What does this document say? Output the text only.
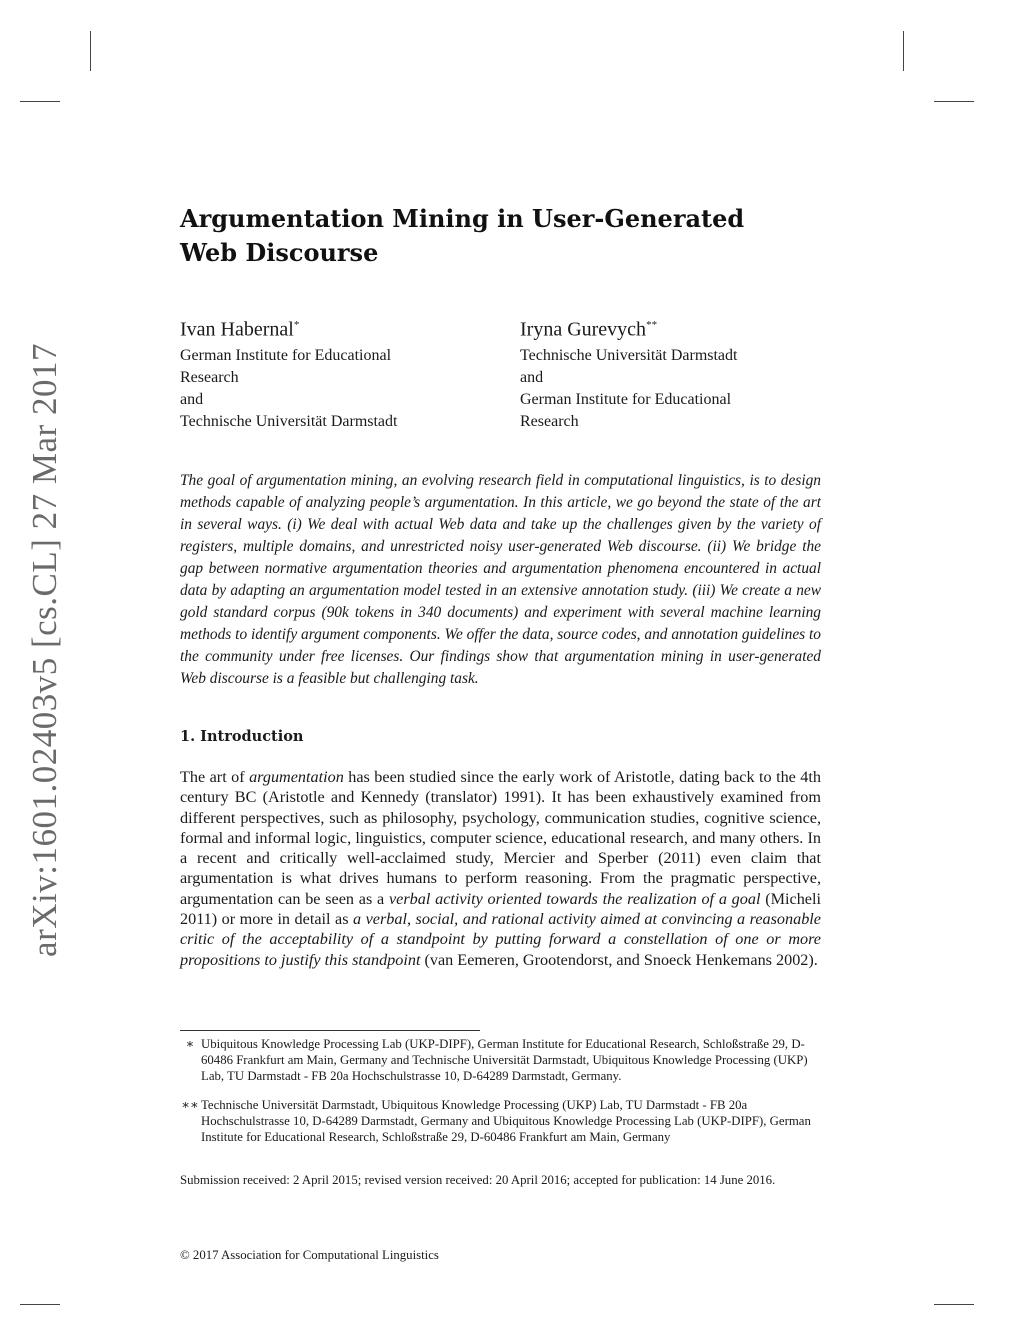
arXiv:1601.02403v5 [cs.CL] 27 Mar 2017
Argumentation Mining in User-Generated
Web Discourse
Ivan Habernal*
German Institute for Educational
Research
and
Technische Universität Darmstadt
Iryna Gurevych**
Technische Universität Darmstadt
and
German Institute for Educational
Research
The goal of argumentation mining, an evolving research field in computational linguistics, is to design methods capable of analyzing people’s argumentation. In this article, we go beyond the state of the art in several ways. (i) We deal with actual Web data and take up the challenges given by the variety of registers, multiple domains, and unrestricted noisy user-generated Web discourse. (ii) We bridge the gap between normative argumentation theories and argumentation phenomena encountered in actual data by adapting an argumentation model tested in an extensive annotation study. (iii) We create a new gold standard corpus (90k tokens in 340 documents) and experiment with several machine learning methods to identify argument components. We offer the data, source codes, and annotation guidelines to the community under free licenses. Our findings show that argumentation mining in user-generated Web discourse is a feasible but challenging task.
1. Introduction
The art of argumentation has been studied since the early work of Aristotle, dating back to the 4th century BC (Aristotle and Kennedy (translator) 1991). It has been exhaustively examined from different perspectives, such as philosophy, psychology, communication studies, cognitive science, formal and informal logic, linguistics, computer science, educational research, and many others. In a recent and critically well-acclaimed study, Mercier and Sperber (2011) even claim that argumentation is what drives humans to perform reasoning. From the pragmatic perspective, argumentation can be seen as a verbal activity oriented towards the realization of a goal (Micheli 2011) or more in detail as a verbal, social, and rational activity aimed at convincing a reasonable critic of the acceptability of a standpoint by putting forward a constellation of one or more propositions to justify this standpoint (van Eemeren, Grootendorst, and Snoeck Henkemans 2002).
∗ Ubiquitous Knowledge Processing Lab (UKP-DIPF), German Institute for Educational Research, Schloßstraße 29, D-60486 Frankfurt am Main, Germany and Technische Universität Darmstadt, Ubiquitous Knowledge Processing (UKP) Lab, TU Darmstadt - FB 20a Hochschulstrasse 10, D-64289 Darmstadt, Germany.
∗∗ Technische Universität Darmstadt, Ubiquitous Knowledge Processing (UKP) Lab, TU Darmstadt - FB 20a Hochschulstrasse 10, D-64289 Darmstadt, Germany and Ubiquitous Knowledge Processing Lab (UKP-DIPF), German Institute for Educational Research, Schloßstraße 29, D-60486 Frankfurt am Main, Germany
Submission received: 2 April 2015; revised version received: 20 April 2016; accepted for publication: 14 June 2016.
© 2017 Association for Computational Linguistics
